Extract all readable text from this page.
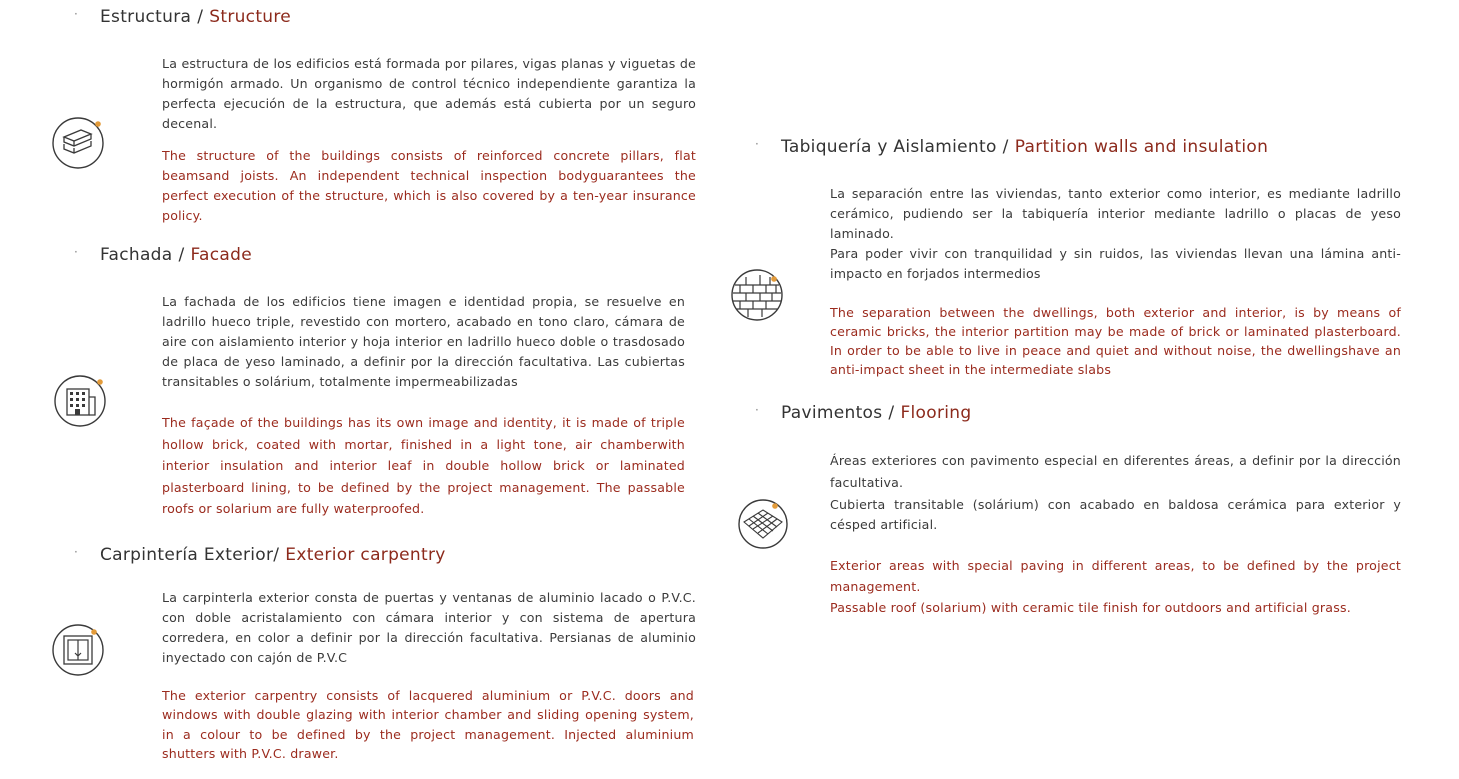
· Estructura / Structure

La estructura de los edificios está formada por pilares, vigas planas y viguetas de hormigón armado. Un organismo de control técnico independiente garantiza la perfecta ejecución de la estructura, que además está cubierta por un seguro decenal.

The structure of the buildings consists of reinforced concrete pillars, flat beamsand joists. An independent technical inspection bodyguarantees the perfect execution of the structure, which is also covered by a ten-year insurance policy.

· Fachada / Facade

La fachada de los edificios tiene imagen e identidad propia, se resuelve en ladrillo hueco triple, revestido con mortero, acabado en tono claro, cámara de aire con aislamiento interior y hoja interior en ladrillo hueco doble o trasdosado de placa de yeso laminado, a definir por la dirección facultativa. Las cubiertas transitables o solárium, totalmente impermeabilizadas

The façade of the buildings has its own image and identity, it is made of triple hollow brick, coated with mortar, finished in a light tone, air chamberwith interior insulation and interior leaf in double hollow brick or laminated plasterboard lining, to be defined by the project management. The passable roofs or solarium are fully waterproofed.

· Carpintería Exterior/ Exterior carpentry

La carpinterla exterior consta de puertas y ventanas de aluminio lacado o P.V.C. con doble acristalamiento con cámara interior y con sistema de apertura corredera, en color a definir por la dirección facultativa. Persianas de aluminio inyectado con cajón de P.V.C

The exterior carpentry consists of lacquered aluminium or P.V.C. doors and windows with double glazing with interior chamber and sliding opening system, in a colour to be defined by the project management. Injected aluminium shutters with P.V.C. drawer.

· Tabiquería y Aislamiento / Partition walls and insulation

La separación entre las viviendas, tanto exterior como interior, es mediante ladrillo cerámico, pudiendo ser la tabiquería interior mediante ladrillo o placas de yeso laminado.

Para poder vivir con tranquilidad y sin ruidos, las viviendas llevan una lámina anti-impacto en forjados intermedios

The separation between the dwellings, both exterior and interior, is by means of ceramic bricks, the interior partition may be made of brick or laminated plasterboard. In order to be able to live in peace and quiet and without noise, the dwellingshave an anti-impact sheet in the intermediate slabs

· Pavimentos / Flooring

Áreas exteriores con pavimento especial en diferentes áreas, a definir por la dirección facultativa.

Cubierta transitable (solárium) con acabado en baldosa cerámica para exterior y césped artificial.

Exterior areas with special paving in different areas, to be defined by the project management.

Passable roof (solarium) with ceramic tile finish for outdoors and artificial grass.
